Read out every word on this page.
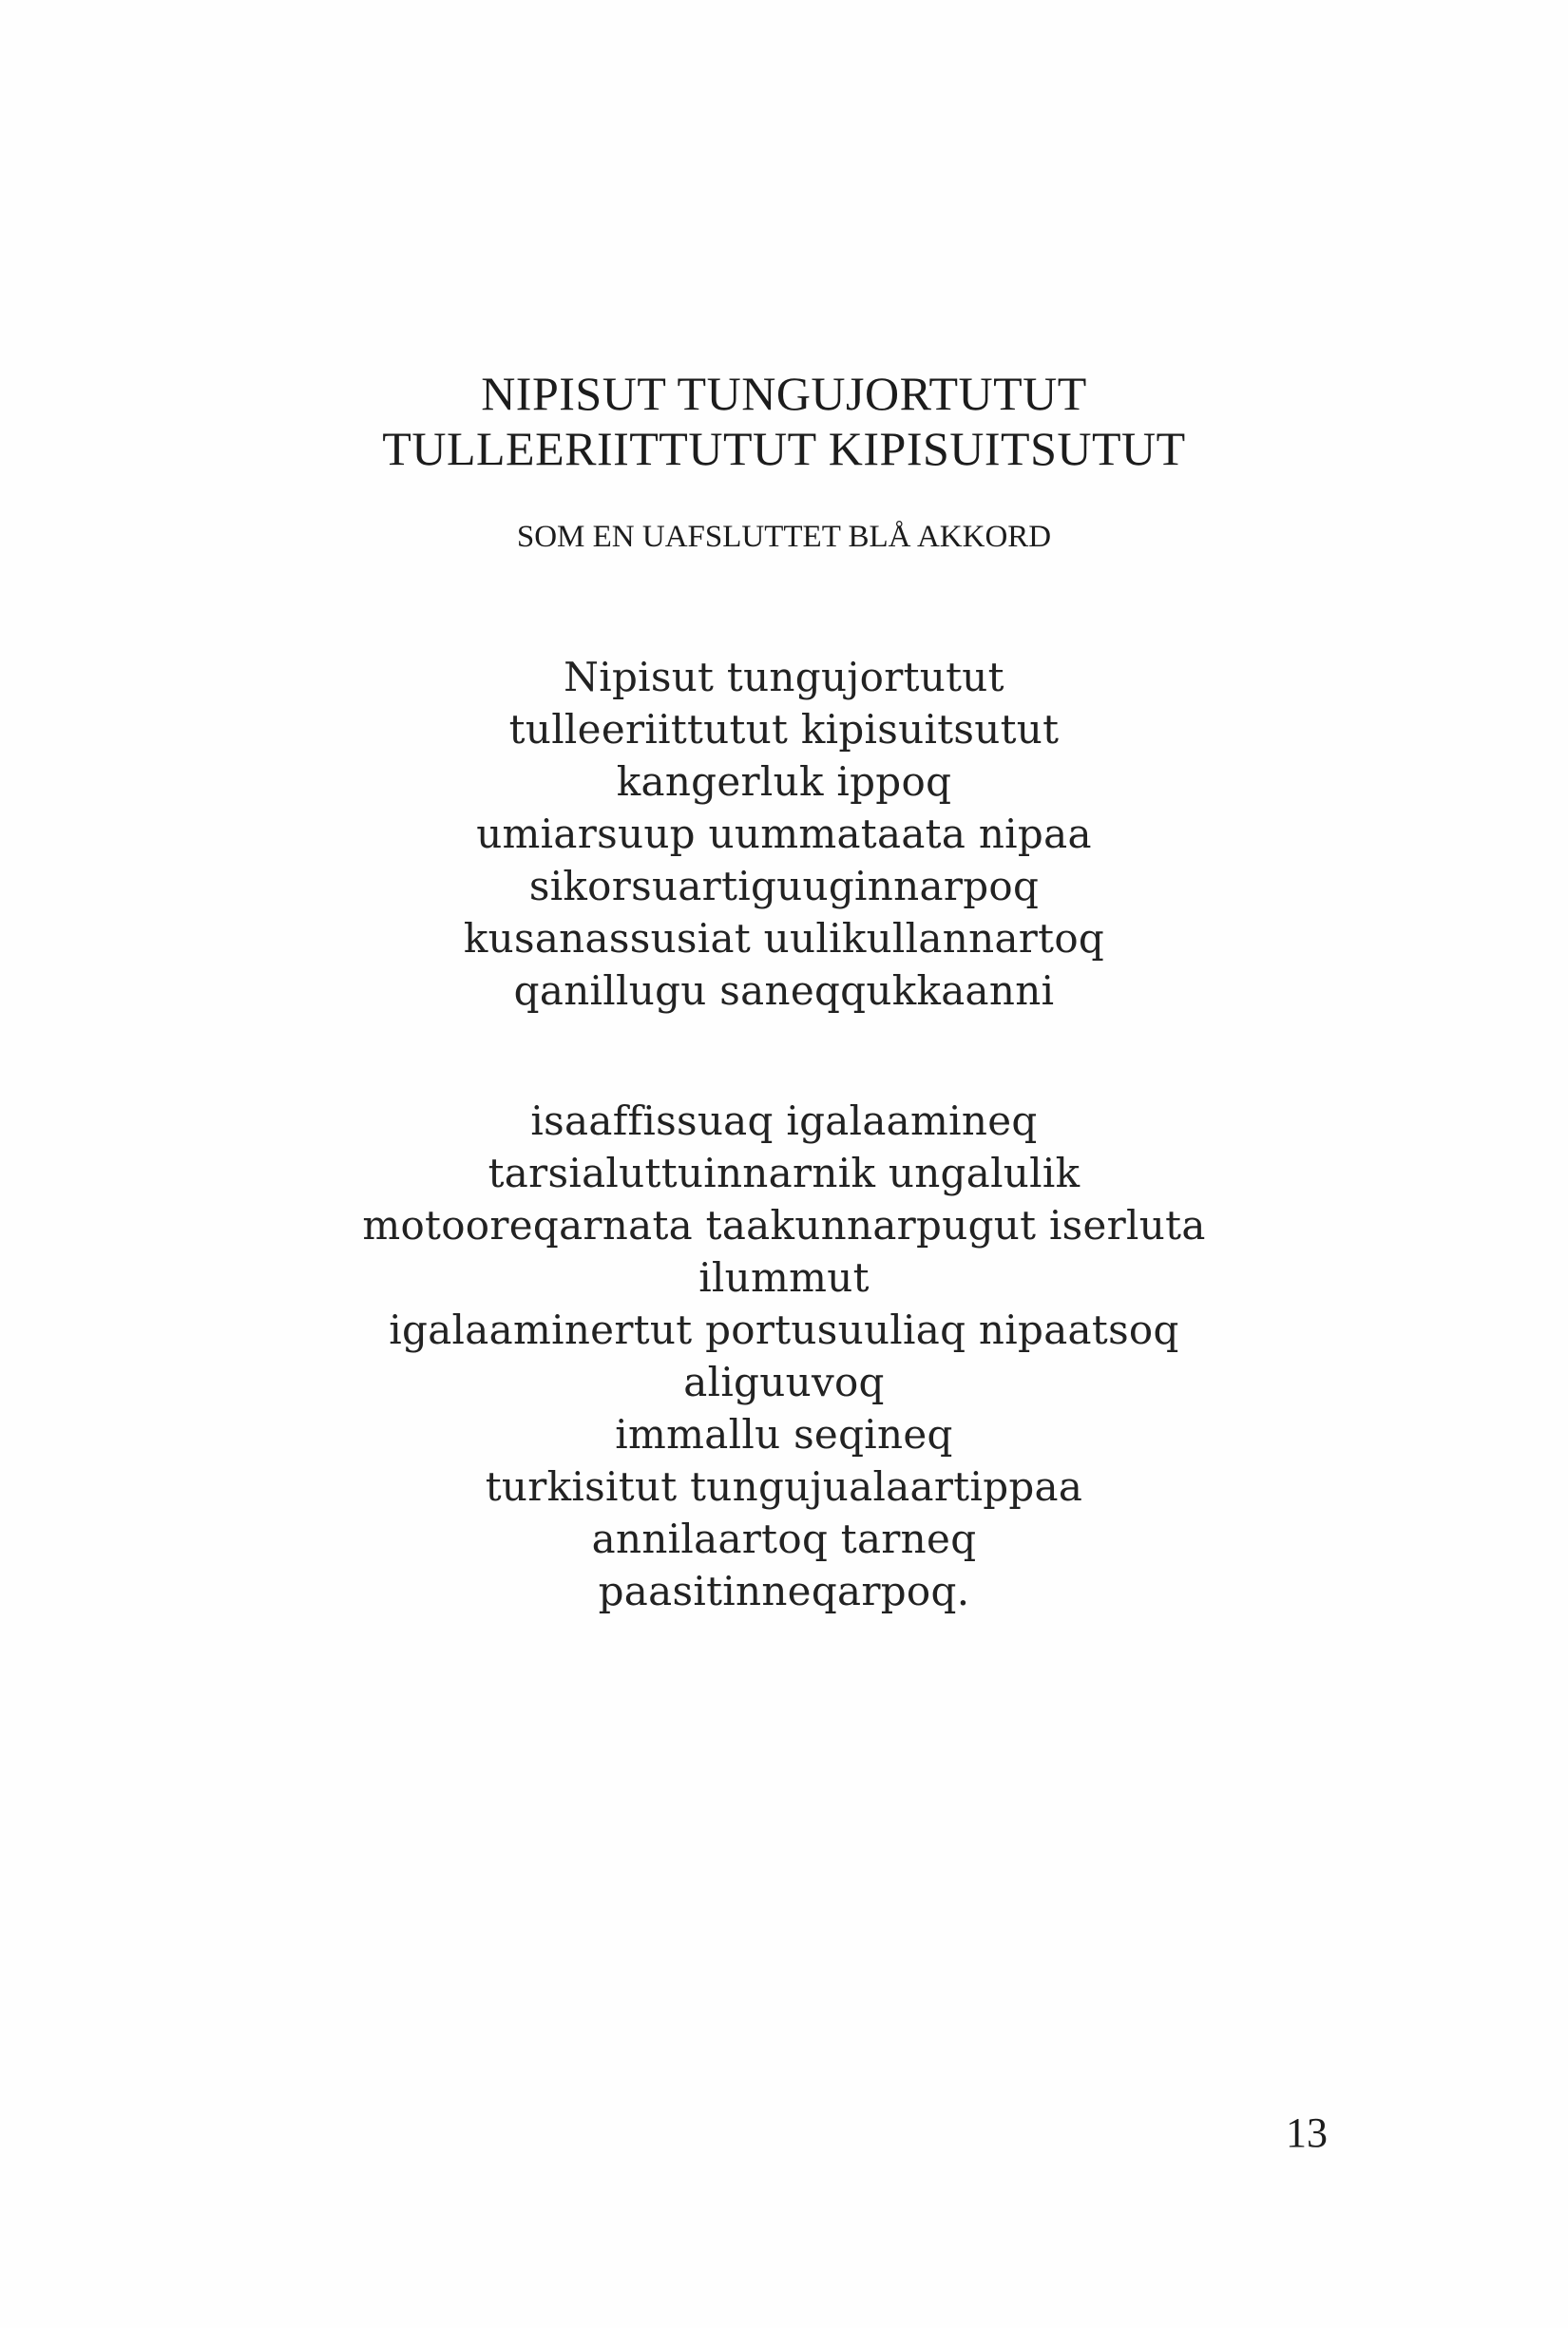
NIPISUT TUNGUJORTUTUT
TULLEERIITTUTUT KIPISUITSUTUT
SOM EN UAFSLUTTET BLÅ AKKORD
Nipisut tungujortutut
tulleeriittutut kipisuitsutut
kangerluk ippoq
umiarsuup uummataata nipaa
sikorsuartiguuginnarpoq
kusanassusiat uulikullannartoq
qanillugu saneqqukkaanni
isaaffissuaq igalaamineq
tarsialuttuinnarnik ungalulik
motooreqarnata taakunnarpugut iserluta
ilummut
igalaaminertut portusuuliaq nipaatsoq
aliguuvoq
immallu seqineq
turkisitut tungujualaartippaa
annilaartoq tarneq
paasitinneqarpoq.
13
